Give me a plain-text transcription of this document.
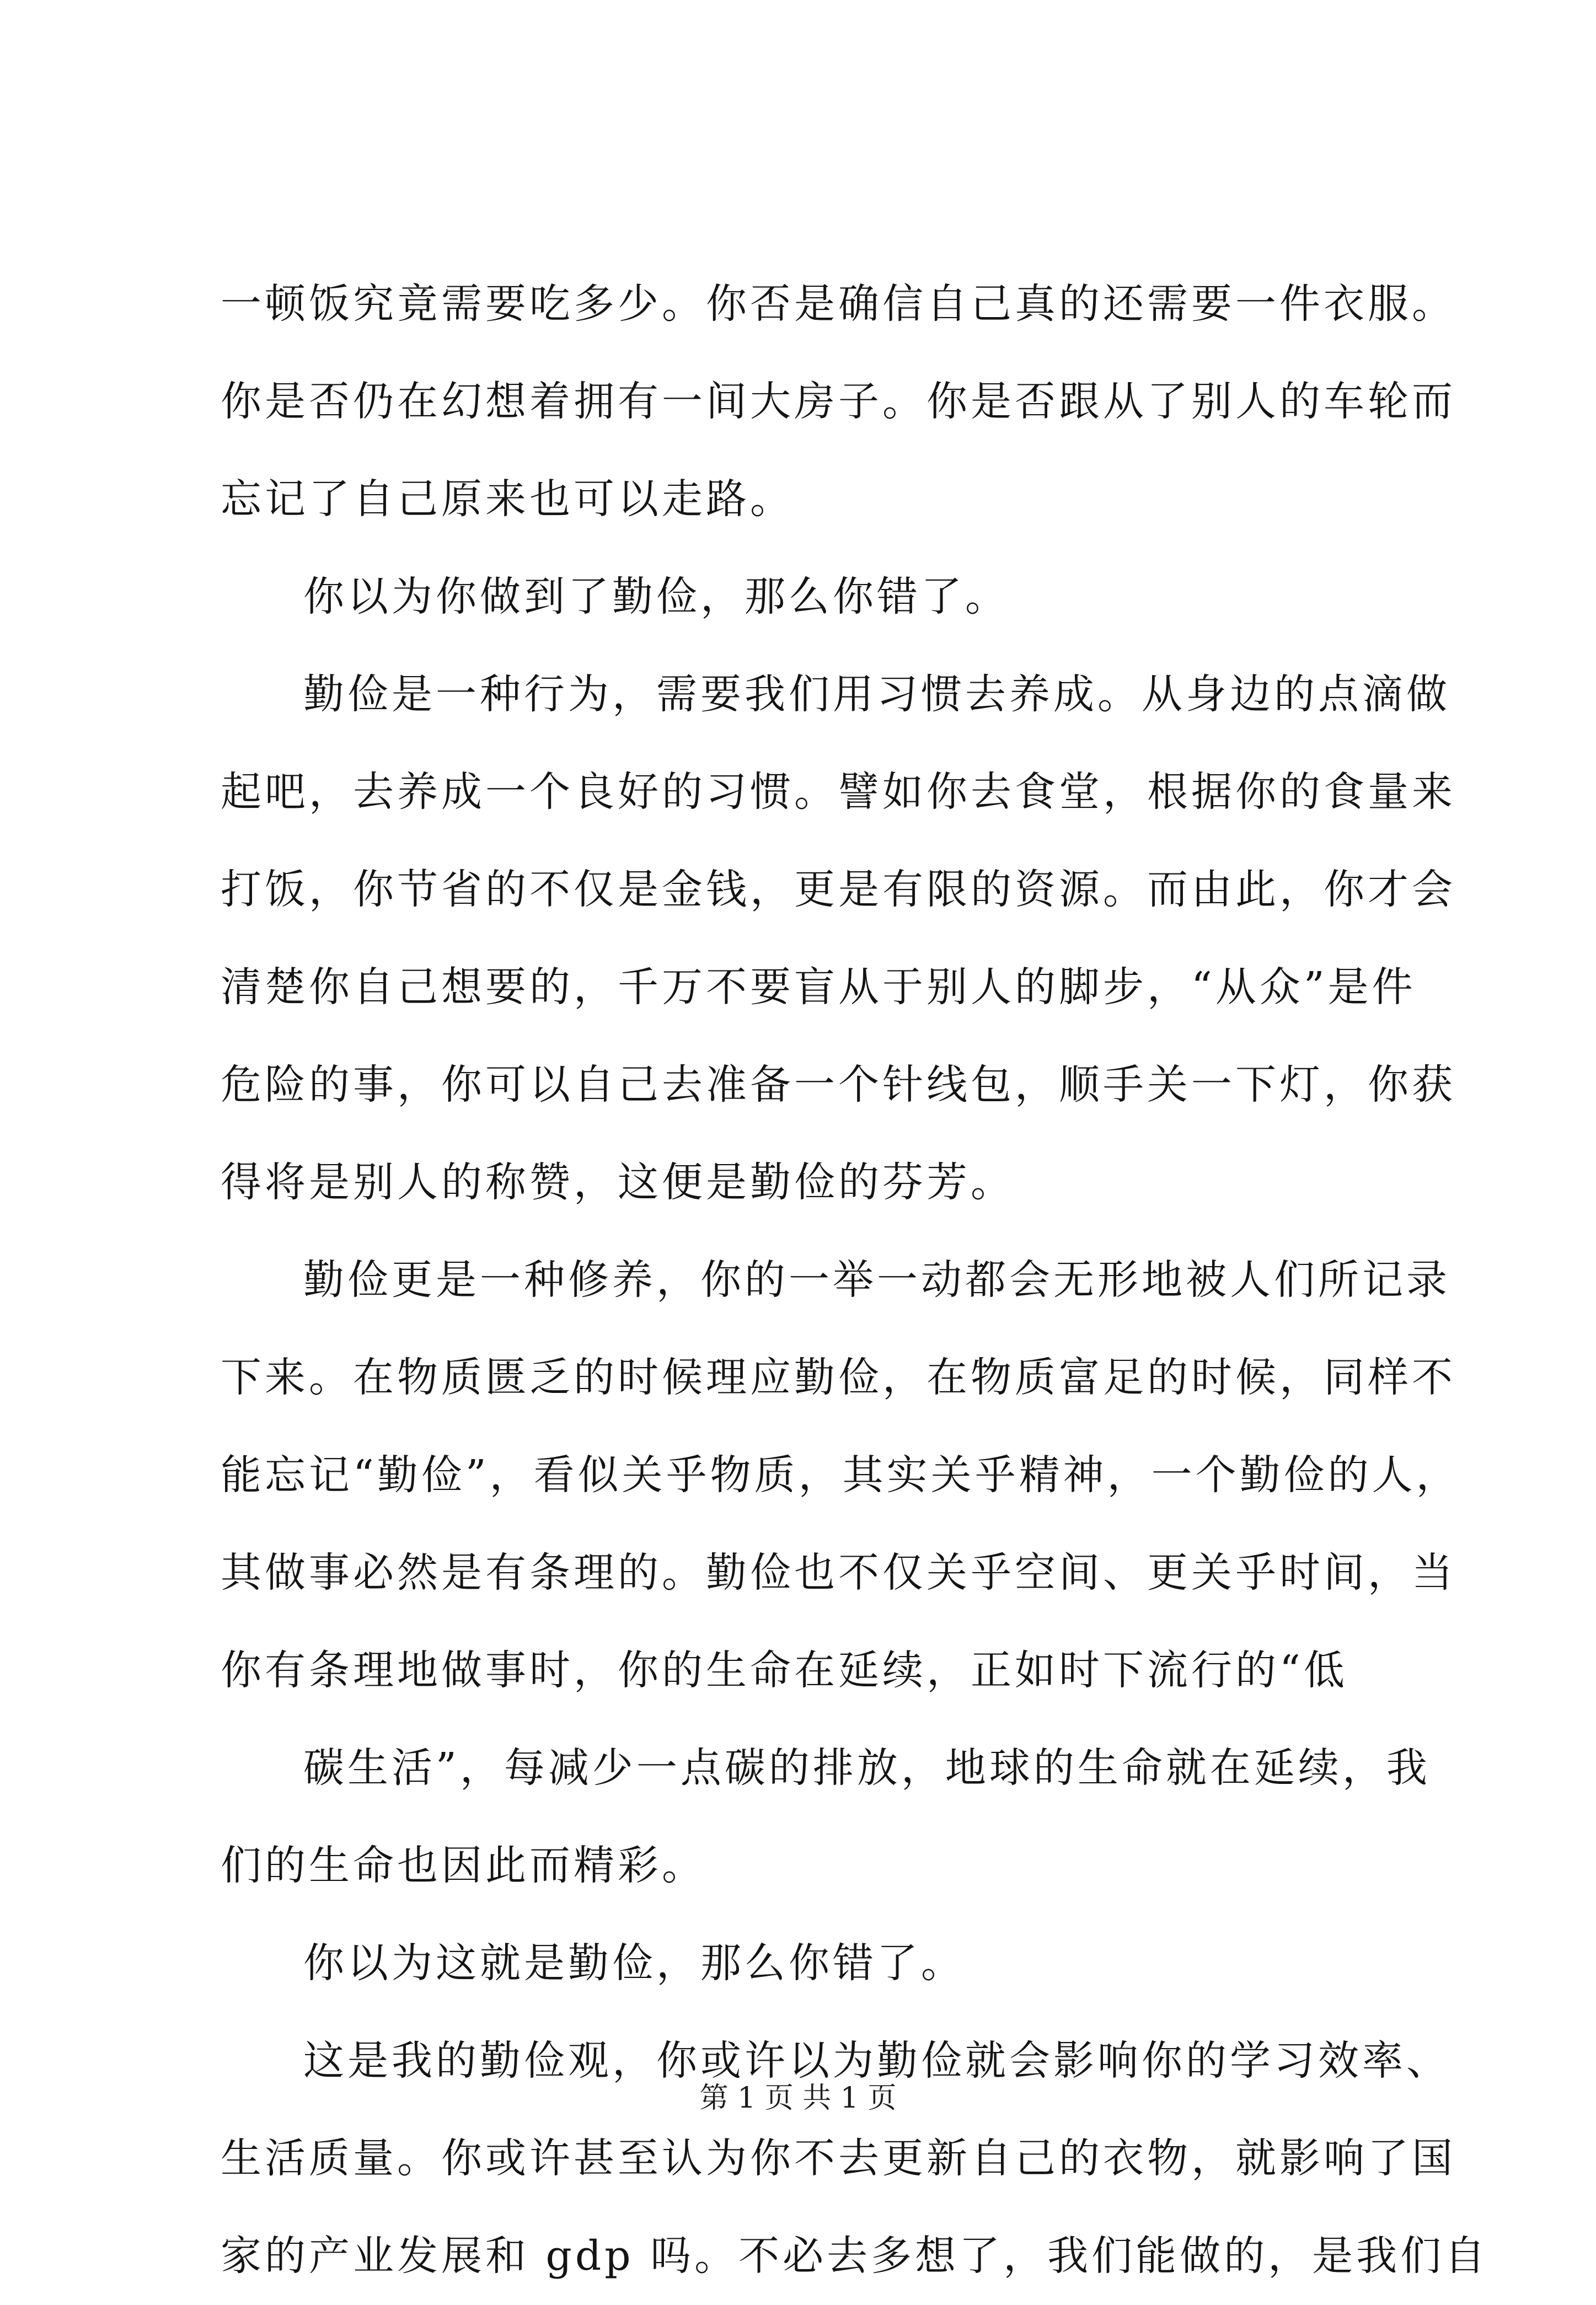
一顿饭究竟需要吃多少。你否是确信自己真的还需要一件衣服。
你是否仍在幻想着拥有一间大房子。你是否跟从了别人的车轮而
忘记了自己原来也可以走路。
你以为你做到了勤俭，那么你错了。
勤俭是一种行为，需要我们用习惯去养成。从身边的点滴做
起吧，去养成一个良好的习惯。譬如你去食堂，根据你的食量来
打饭，你节省的不仅是金钱，更是有限的资源。而由此，你才会
清楚你自己想要的，千万不要盲从于别人的脚步，“从众”是件
危险的事，你可以自己去准备一个针线包，顺手关一下灯，你获
得将是别人的称赞，这便是勤俭的芬芳。
勤俭更是一种修养，你的一举一动都会无形地被人们所记录
下来。在物质匮乏的时候理应勤俭，在物质富足的时候，同样不
能忘记“勤俭”，看似关乎物质，其实关乎精神，一个勤俭的人，
其做事必然是有条理的。勤俭也不仅关乎空间、更关乎时间，当
你有条理地做事时，你的生命在延续，正如时下流行的“低
碳生活”，每减少一点碳的排放，地球的生命就在延续，我
们的生命也因此而精彩。
你以为这就是勤俭，那么你错了。
这是我的勤俭观，你或许以为勤俭就会影响你的学习效率、
生活质量。你或许甚至认为你不去更新自己的衣物，就影响了国
家的产业发展和 gdp 吗。不必去多想了，我们能做的，是我们自
第 1 页 共 1 页
